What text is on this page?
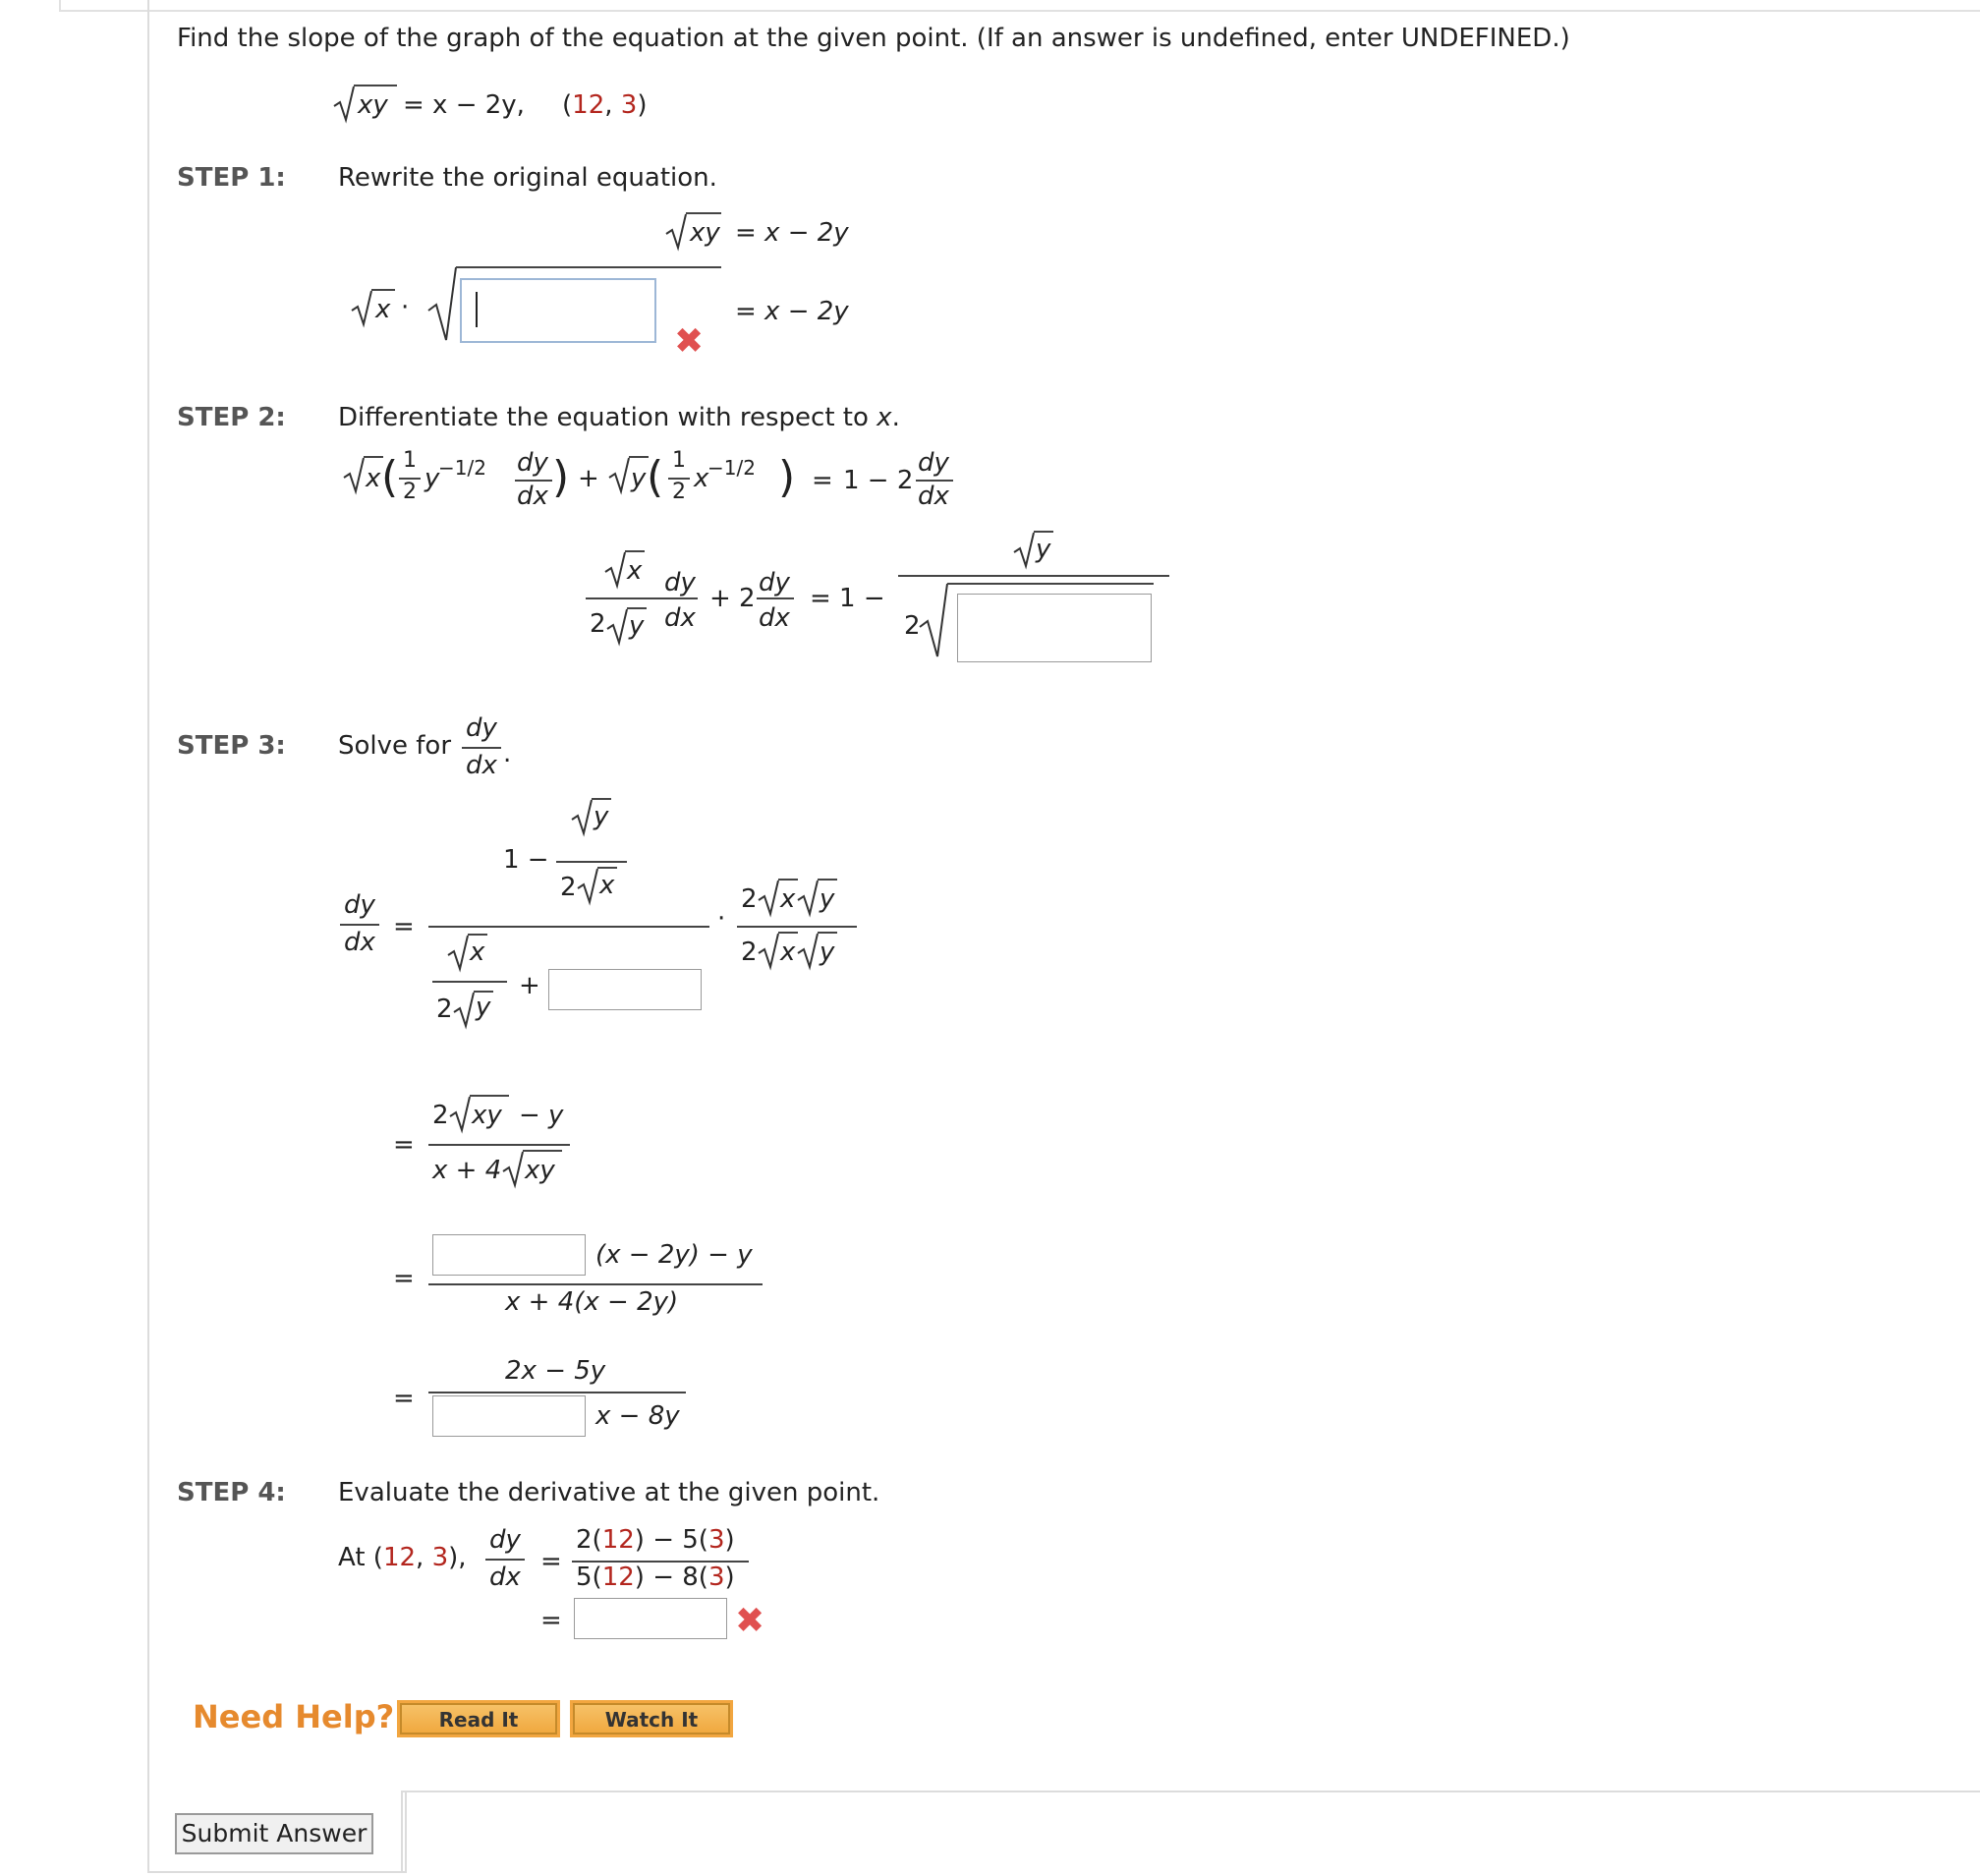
Find the slope of the graph of the equation at the given point. (If an answer is undefined, enter UNDEFINED.)
xy = x − 2y, (12, 3)
STEP 1: Rewrite the original equation.
xy = x − 2y
x ·
✖
= x − 2y
STEP 2: Differentiate the equation with respect to x.
x ( 1
2 y
−1/2 dy
dx ) + y ( 1
2 x
−1/2 ) = 1 − 2
dy
dx
x dy
2 y dx
+ 2
dy
dx
= 1 −
y
2
STEP 3: Solve for
dy
dx .
dy
dx
=
1 −
y
2 x
x
2 y
+
·
2 x y
2 x y
=
2 xy − y
x + 4 xy
=
(x − 2y) − y
x + 4(x − 2y)
=
2x − 5y
x − 8y
STEP 4: Evaluate the derivative at the given point.
At (12, 3),
dy
dx
=
2(12) − 5(3)
5(12) − 8(3)
=	✖
Need Help?	Read It	Watch It
Submit Answer
